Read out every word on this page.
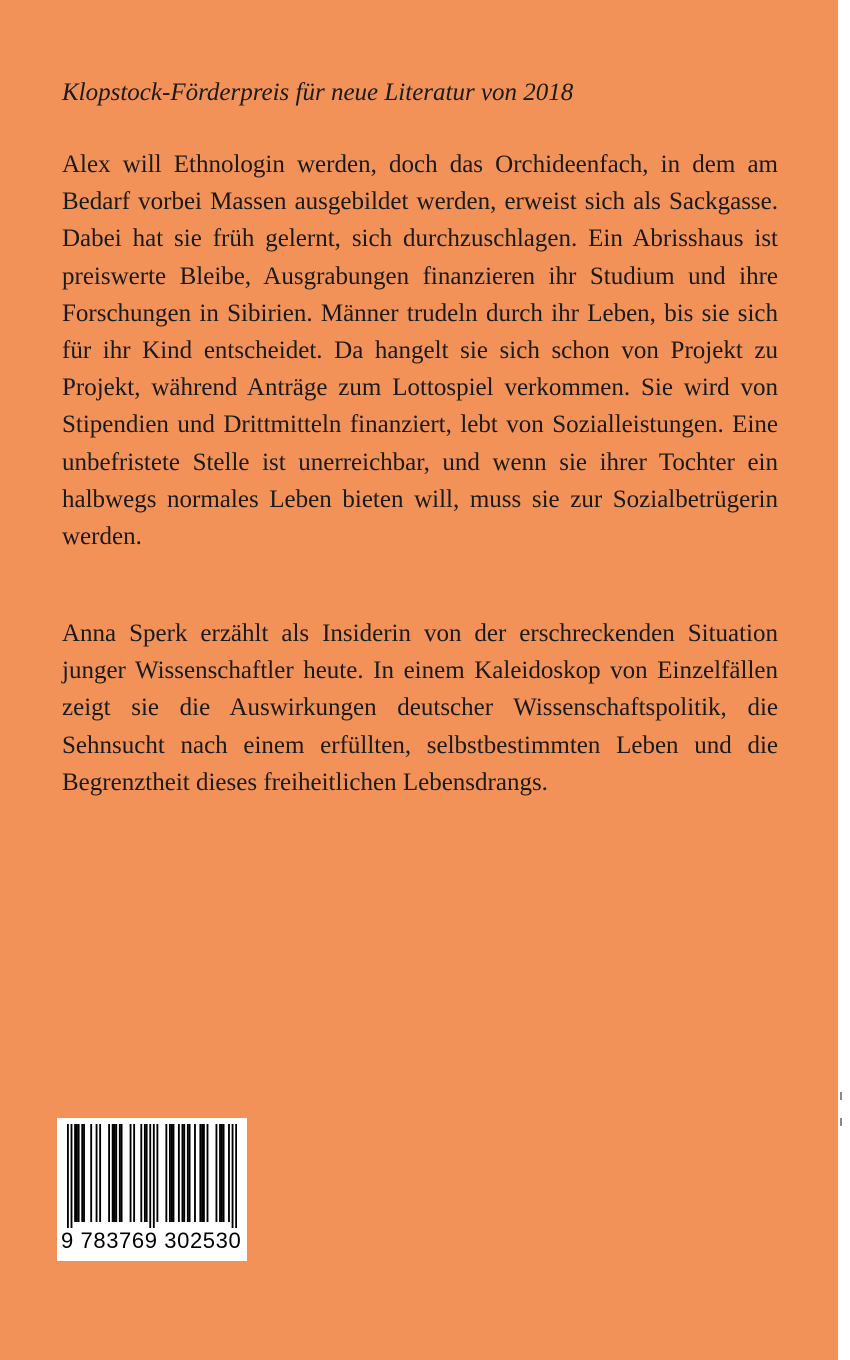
Klopstock-Förderpreis für neue Literatur von 2018

Alex will Ethnologin werden, doch das Orchideenfach, in dem am Bedarf vorbei Massen ausgebildet werden, erweist sich als Sackgasse. Dabei hat sie früh gelernt, sich durchzuschlagen. Ein Abrisshaus ist preiswerte Bleibe, Ausgrabungen finanzieren ihr Studium und ihre Forschungen in Sibirien. Männer trudeln durch ihr Leben, bis sie sich für ihr Kind entscheidet. Da hangelt sie sich schon von Projekt zu Projekt, während Anträge zum Lottospiel verkommen. Sie wird von Stipendien und Drittmitteln finanziert, lebt von Sozialleistungen. Eine unbefristete Stelle ist unerreichbar, und wenn sie ihrer Tochter ein halbwegs normales Leben bieten will, muss sie zur Sozialbetrügerin werden.

Anna Sperk erzählt als Insiderin von der erschreckenden Situation junger Wissenschaftler heute. In einem Kaleidoskop von Einzelfällen zeigt sie die Auswirkungen deutscher Wissenschaftspolitik, die Sehnsucht nach einem erfüllten, selbstbestimmten Leben und die Begrenztheit dieses freiheitlichen Lebensdrangs.

9 783769 302530
